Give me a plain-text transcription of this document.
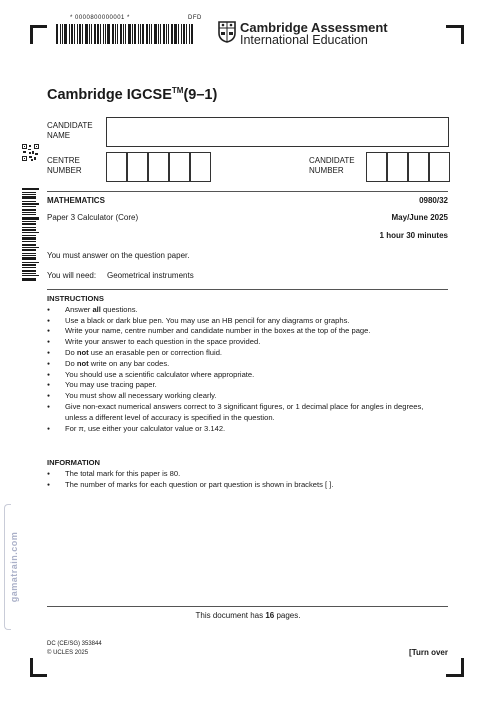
* 0000800000001 *	DFD
Cambridge Assessment
International Education
Cambridge IGCSE™(9–1)
CANDIDATE
NAME
CENTRE
NUMBER
CANDIDATE
NUMBER
MATHEMATICS	0980/32
Paper 3 Calculator (Core)	May/June 2025
1 hour 30 minutes
You must answer on the question paper.
You will need: Geometrical instruments
INSTRUCTIONS
● Answer all questions.
● Use a black or dark blue pen. You may use an HB pencil for any diagrams or graphs.
● Write your name, centre number and candidate number in the boxes at the top of the page.
● Write your answer to each question in the space provided.
● Do not use an erasable pen or correction fluid.
● Do not write on any bar codes.
● You should use a scientific calculator where appropriate.
● You may use tracing paper.
● You must show all necessary working clearly.
● Give non-exact numerical answers correct to 3 significant figures, or 1 decimal place for angles in degrees, unless a different level of accuracy is specified in the question.
● For π, use either your calculator value or 3.142.
INFORMATION
● The total mark for this paper is 80.
● The number of marks for each question or part question is shown in brackets [ ].
gamatrain.com
This document has 16 pages.
DC (CE/SG) 353844
© UCLES 2025	[Turn over
